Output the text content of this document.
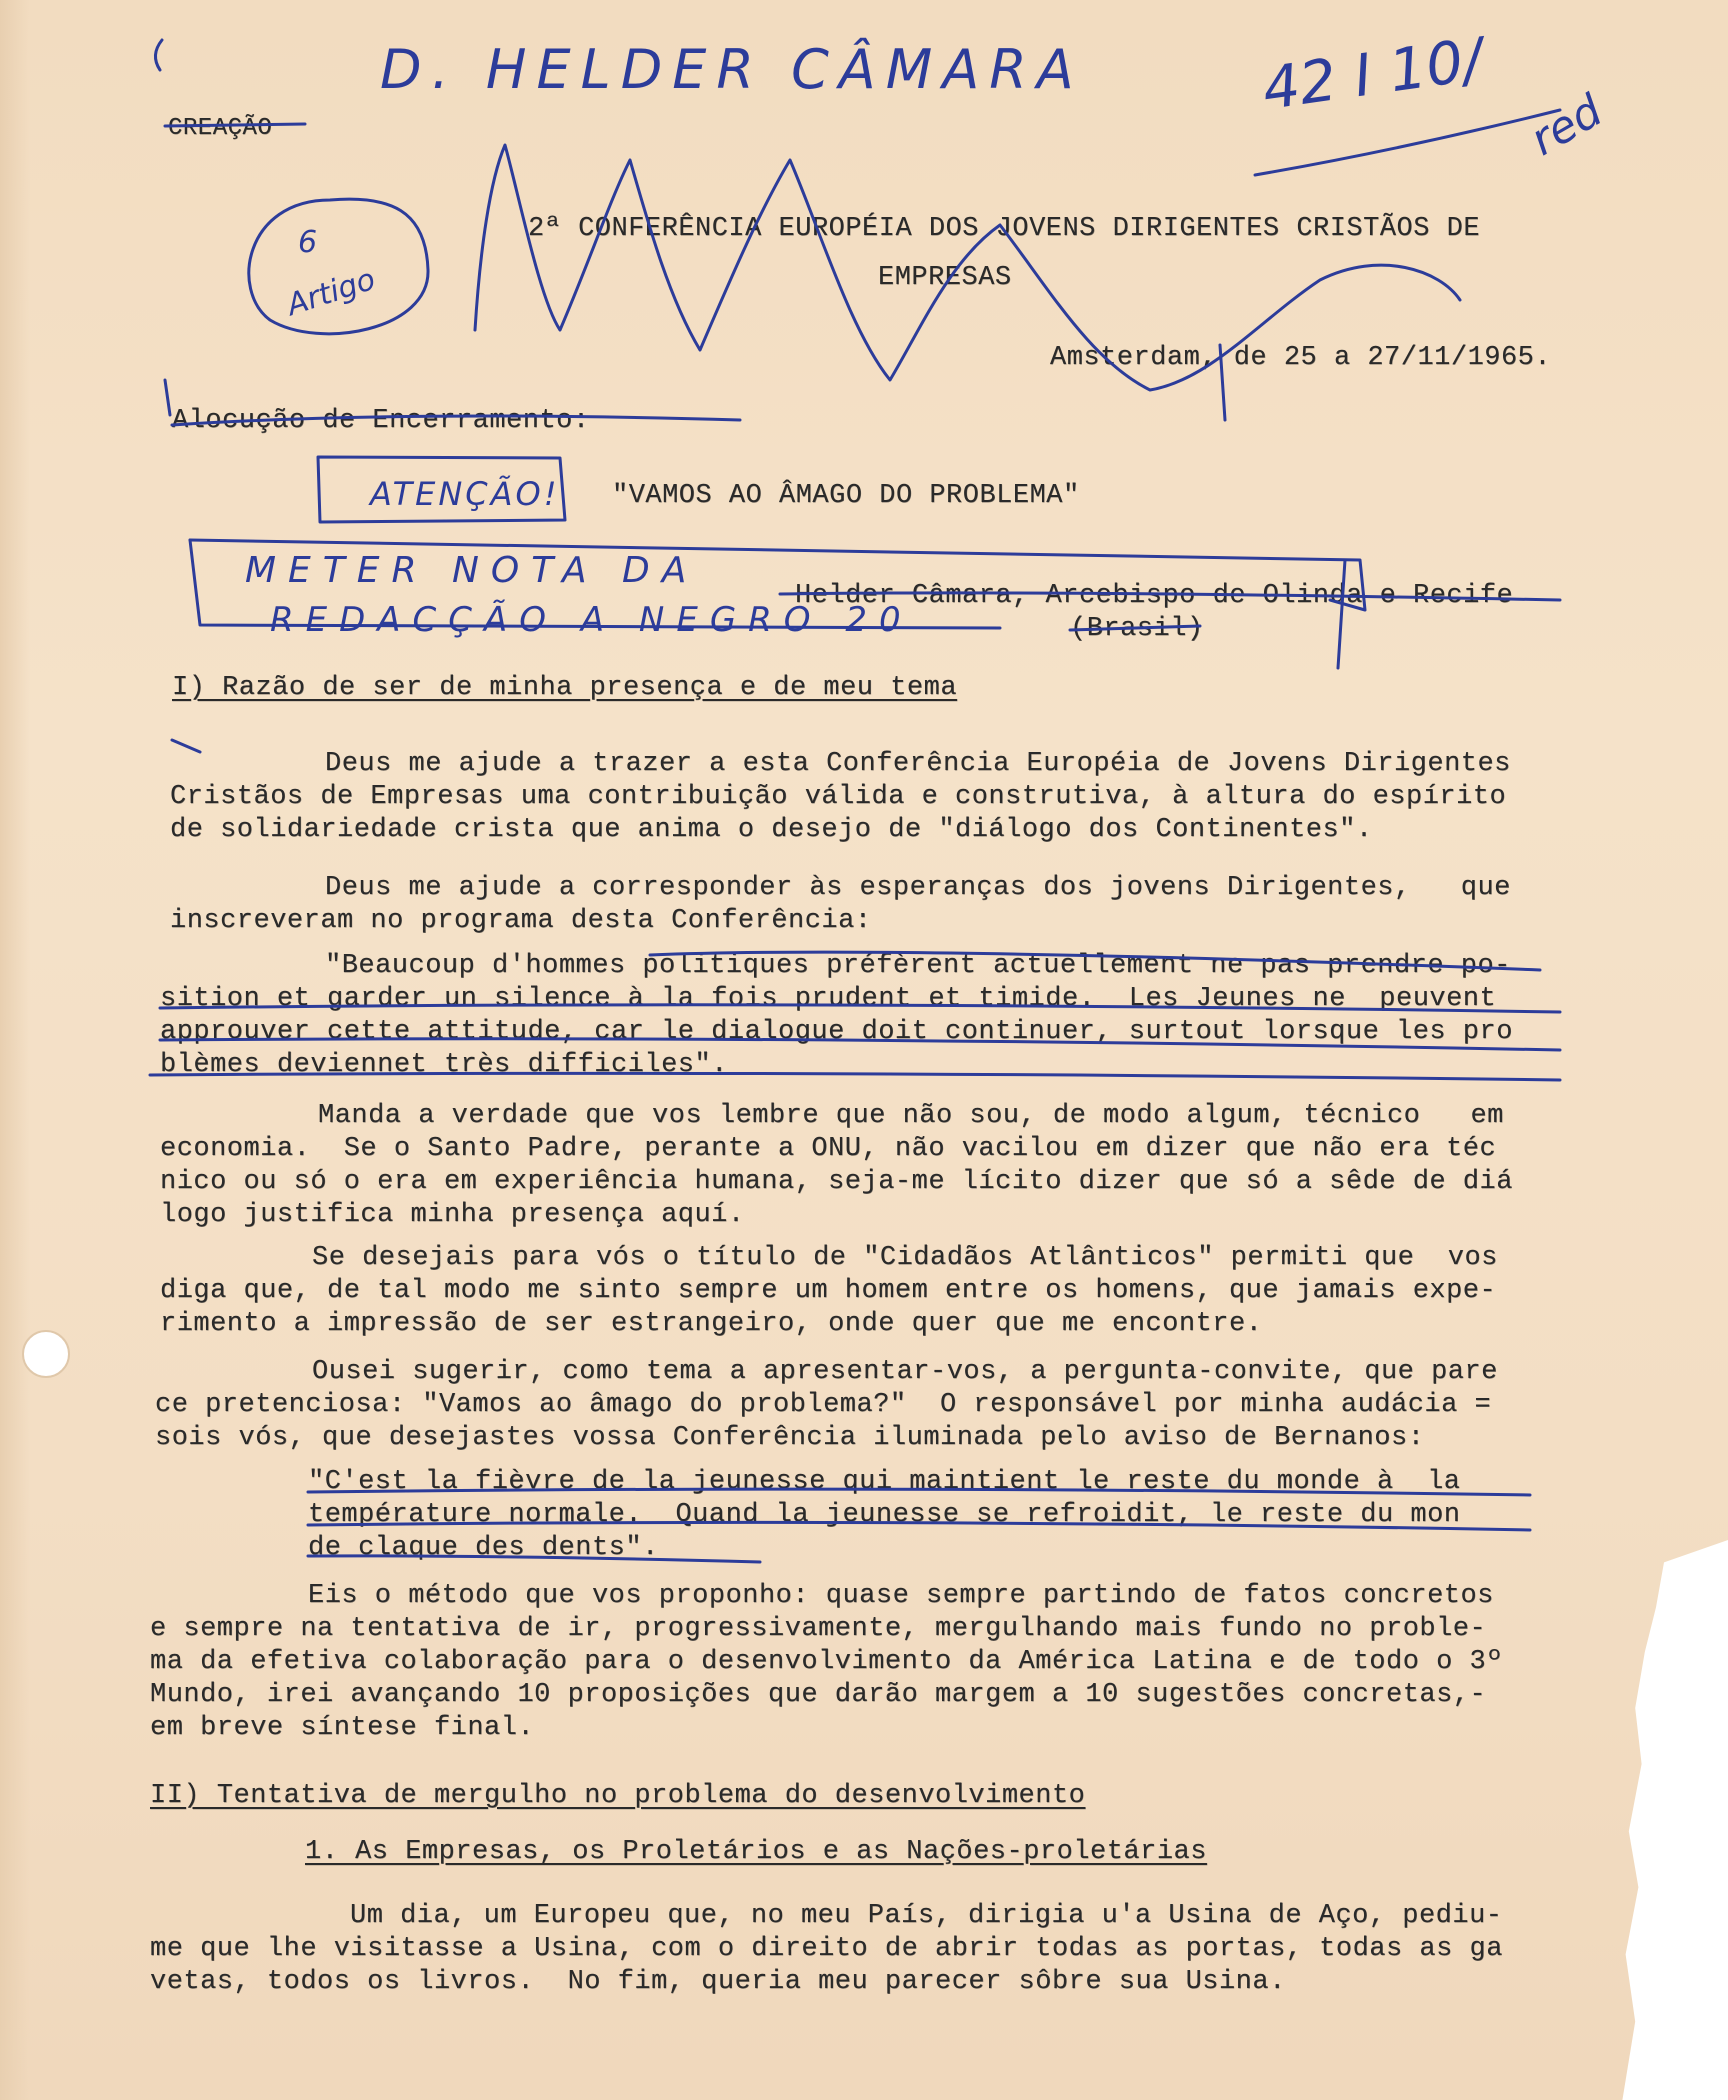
D. HELDER CÂMARA	42 I 10/
red
6
Artigo
CREAÇÃO
ATENÇÃO!
METER NOTA DA
REDACÇÃO A NEGRO 20
2ª CONFERÊNCIA EUROPÉIA DOS JOVENS DIRIGENTES CRISTÃOS DE
EMPRESAS
Amsterdam, de 25 a 27/11/1965.
Alocução de Encerramento:
"VAMOS AO ÂMAGO DO PROBLEMA"
Helder Câmara, Arcebispo de Olinda e Recife
(Brasil)
I) Razão de ser de minha presença e de meu tema
Deus me ajude a trazer a esta Conferência Européia de Jovens Dirigentes
Cristãos de Empresas uma contribuição válida e construtiva, à altura do espírito
de solidariedade crista que anima o desejo de "diálogo dos Continentes".
Deus me ajude a corresponder às esperanças dos jovens Dirigentes,   que
inscreveram no programa desta Conferência:
"Beaucoup d'hommes politiques préfèrent actuellement ne pas prendre po-
sition et garder un silence à la fois prudent et timide.  Les Jeunes ne  peuvent
approuver cette attitude, car le dialogue doit continuer, surtout lorsque les pro
blèmes deviennet très difficiles".
Manda a verdade que vos lembre que não sou, de modo algum, técnico   em
economia.  Se o Santo Padre, perante a ONU, não vacilou em dizer que não era téc
nico ou só o era em experiência humana, seja-me lícito dizer que só a sêde de diá
logo justifica minha presença aquí.
Se desejais para vós o título de "Cidadãos Atlânticos" permiti que  vos
diga que, de tal modo me sinto sempre um homem entre os homens, que jamais expe-
rimento a impressão de ser estrangeiro, onde quer que me encontre.
Ousei sugerir, como tema a apresentar-vos, a pergunta-convite, que pare
ce pretenciosa: "Vamos ao âmago do problema?"  O responsável por minha audácia =
sois vós, que desejastes vossa Conferência iluminada pelo aviso de Bernanos:
"C'est la fièvre de la jeunesse qui maintient le reste du monde à  la
température normale.  Quand la jeunesse se refroidit, le reste du mon
de claque des dents".
Eis o método que vos proponho: quase sempre partindo de fatos concretos
e sempre na tentativa de ir, progressivamente, mergulhando mais fundo no proble-
ma da efetiva colaboração para o desenvolvimento da América Latina e de todo o 3º
Mundo, irei avançando 10 proposições que darão margem a 10 sugestões concretas,-
em breve síntese final.
II) Tentativa de mergulho no problema do desenvolvimento
1. As Empresas, os Proletários e as Nações-proletárias
Um dia, um Europeu que, no meu País, dirigia u'a Usina de Aço, pediu-
me que lhe visitasse a Usina, com o direito de abrir todas as portas, todas as ga
vetas, todos os livros.  No fim, queria meu parecer sôbre sua Usina.
